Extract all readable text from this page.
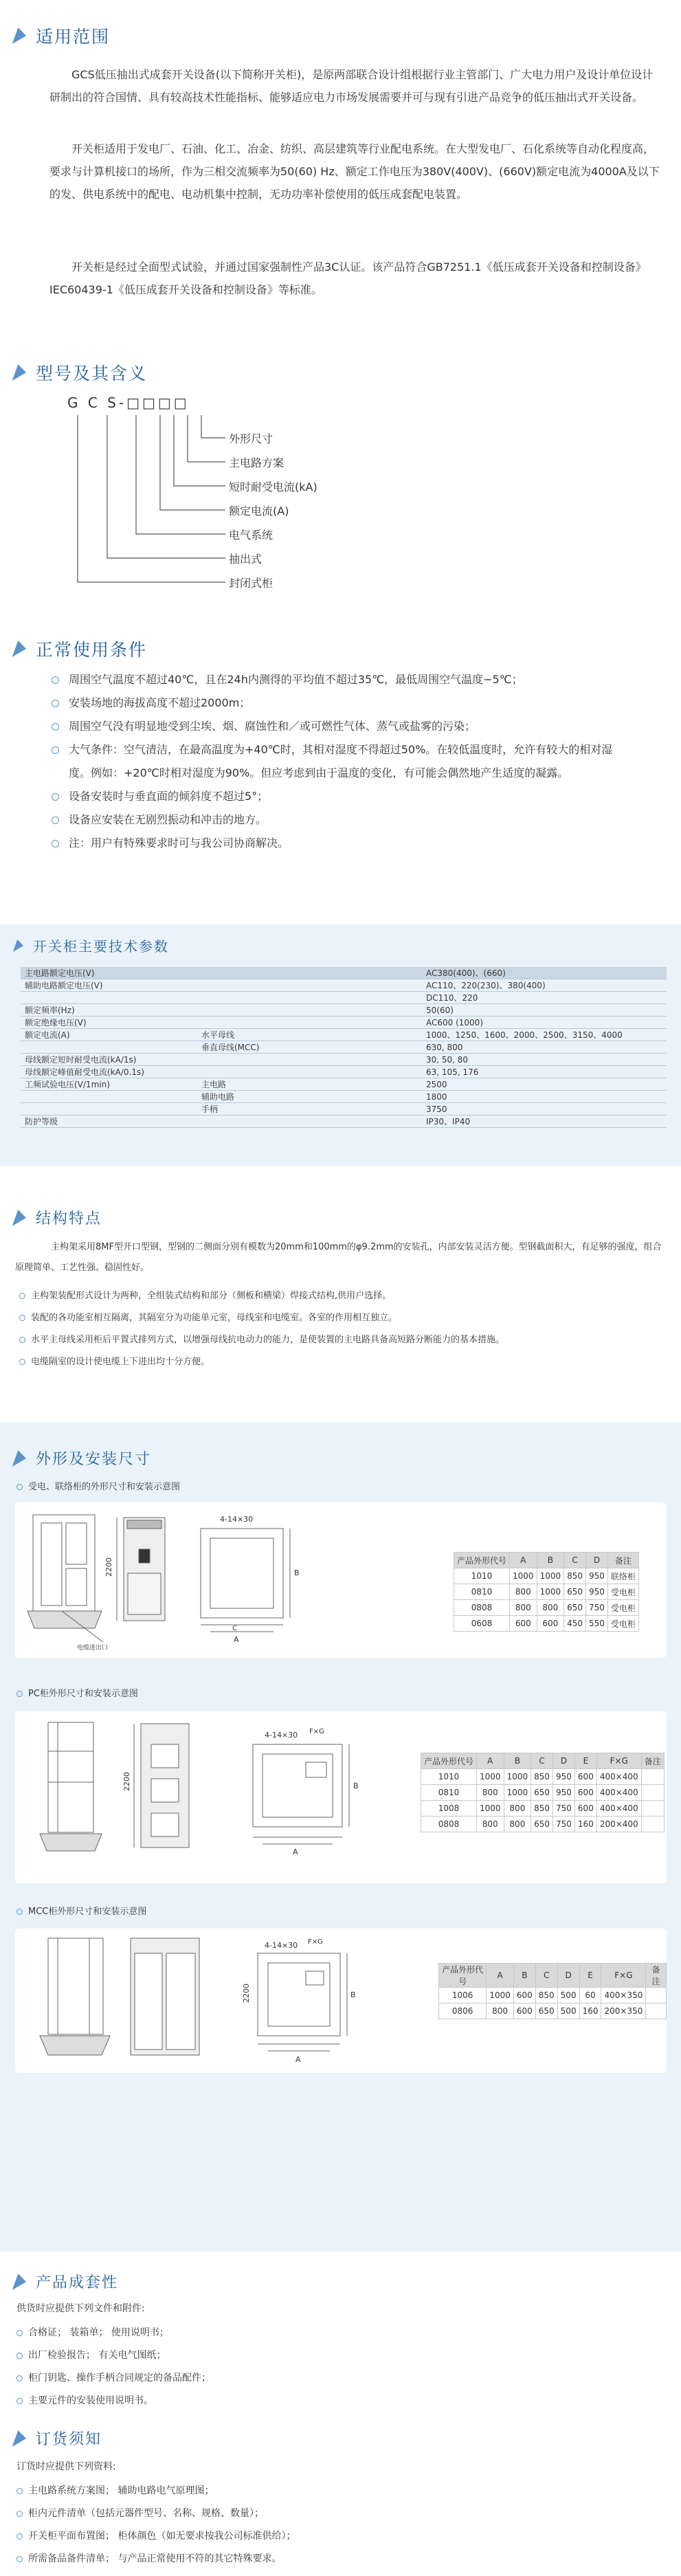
适用范围
GCS低压抽出式成套开关设备(以下简称开关柜)，是原两部联合设计组根据行业主管部门、广大电力用户及设计单位设计研制出的符合国情、具有较高技术性能指标、能够适应电力市场发展需要并可与现有引进产品竞争的低压抽出式开关设备。
开关柜适用于发电厂、石油、化工、冶金、纺织、高层建筑等行业配电系统。在大型发电厂、石化系统等自动化程度高，要求与计算机接口的场所，作为三相交流频率为50(60) Hz、额定工作电压为380V(400V)、(660V)额定电流为4000A及以下的发、供电系统中的配电、电动机集中控制，无功功率补偿使用的低压成套配电装置。
开关柜是经过全面型式试验，并通过国家强制性产品3C认证。该产品符合GB7251.1《低压成套开关设备和控制设备》IEC60439-1《低压成套开关设备和控制设备》等标准。
型号及其含义
G C S-□□□□
外形尺寸
主电路方案
短时耐受电流(kA)
额定电流(A)
电气系统
抽出式
封闭式柜
正常使用条件
周围空气温度不超过40℃，且在24h内测得的平均值不超过35℃，最低周围空气温度−5℃；
安装场地的海拔高度不超过2000m；
周围空气没有明显地受到尘埃、烟、腐蚀性和／或可燃性气体、蒸气或盐雾的污染；
大气条件：空气清洁，在最高温度为+40℃时，其相对湿度不得超过50%。在较低温度时，允许有较大的相对湿度。例如：+20℃时相对湿度为90%。但应考虑到由于温度的变化，有可能会偶然地产生适度的凝露。
设备安装时与垂直面的倾斜度不超过5°；
设备应安装在无剧烈振动和冲击的地方。
注：用户有特殊要求时可与我公司协商解决。
开关柜主要技术参数
主电路额定电压(V)		AC380(400)、(660)
辅助电路额定电压(V)		AC110、220(230)、380(400)
		DC110、220
额定频率(Hz)		50(60)
额定绝缘电压(V)		AC600 (1000)
额定电流(A)	水平母线	1000、1250、1600、2000、2500、3150、4000
	垂直母线(MCC)	630, 800
母线额定短时耐受电流(kA/1s)		30, 50, 80
母线额定峰值耐受电流(kA/0.1s)		63, 105, 176
工频试验电压(V/1min)	主电路	2500
	辅助电路	1800
	手柄	3750
防护等级		IP30、IP40
结构特点
主构架采用8MF型开口型钢，型钢的二侧面分别有模数为20mm和100mm的φ9.2mm的安装孔，内部安装灵活方便。型钢截面积大，有足够的强度，组合原理简单、工艺性强、稳固性好。
主构架装配形式设计为两种，全组装式结构和部分（侧板和横梁）焊接式结构,供用户选择。
装配的各功能室相互隔离，其隔室分为功能单元室，母线室和电缆室。各室的作用相互独立。
水平主母线采用柜后平置式排列方式，以增强母线抗电动力的能力，是使装置的主电路具备高短路分断能力的基本措施。
电缆隔室的设计使电缆上下进出均十分方便。
外形及安装尺寸
受电、联络柜的外形尺寸和安装示意图
2200
4-14×30
A
B
C
电缆进出口
产品外形代号	A	B	C	D	备注
1010	1000	1000	850	950	联络柜
0810	800	1000	650	950	受电柜
0808	800	800	650	750	受电柜
0608	600	600	450	550	受电柜
PC柜外形尺寸和安装示意图
2200
4-14×30 F×G
A
B
产品外形代号	A	B	C	D	E	F×G	备注
1010	1000	1000	850	950	600	400×400	
0810	800	1000	650	950	600	400×400	
1008	1000	800	850	750	600	400×400	
0808	800	800	650	750	160	200×400	
MCC柜外形尺寸和安装示意图
2200
4-14×30 F×G
A
B
产品外形代号	A	B	C	D	E	F×G	备注
1006	1000	600	850	500	60	400×350	
0806	800	600	650	500	160	200×350	
产品成套性
供货时应提供下列文件和附件:
合格证； 装箱单； 使用说明书；
出厂检验报告； 有关电气图纸；
柜门钥匙、操作手柄合同规定的备品配件；
主要元件的安装使用说明书。
订货须知
订货时应提供下列资料:
主电路系统方案图； 辅助电路电气原理图；
柜内元件清单（包括元器件型号、名称、规格、数量）；
开关柜平面布置图； 柜体颜色（如无要求按我公司标准供给）；
所需备品备件清单； 与产品正常使用不符的其它特殊要求。
